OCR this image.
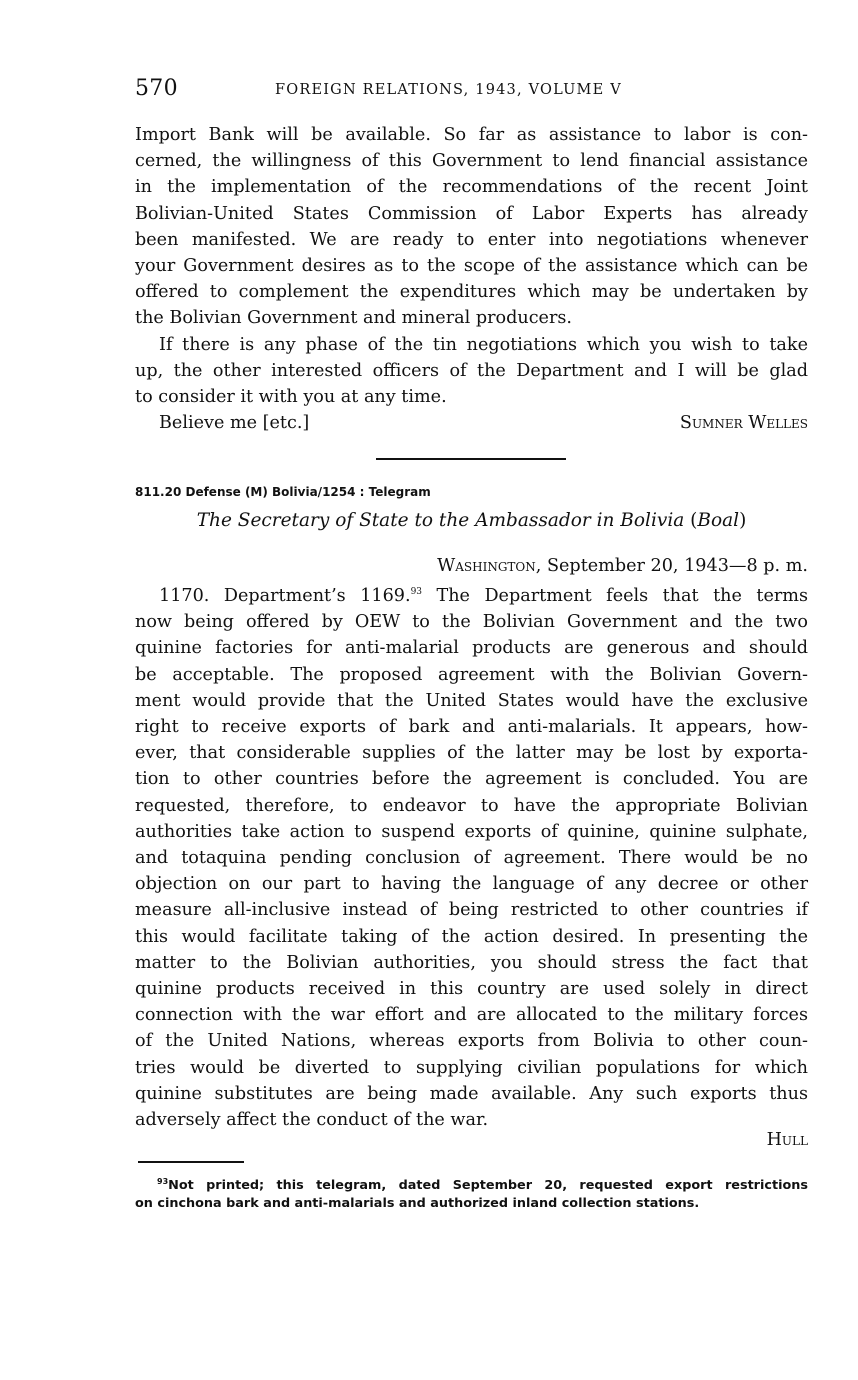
570	FOREIGN RELATIONS, 1943, VOLUME V
Import Bank will be available. So far as assistance to labor is con-
cerned, the willingness of this Government to lend financial assistance
in the implementation of the recommendations of the recent Joint
Bolivian-United States Commission of Labor Experts has already
been manifested. We are ready to enter into negotiations whenever
your Government desires as to the scope of the assistance which can be
offered to complement the expenditures which may be undertaken by
the Bolivian Government and mineral producers.
If there is any phase of the tin negotiations which you wish to take
up, the other interested officers of the Department and I will be glad
to consider it with you at any time.
Believe me [etc.]	Sumner Welles
811.20 Defense (M) Bolivia/1254 : Telegram
The Secretary of State to the Ambassador in Bolivia (Boal)
Washington, September 20, 1943—8 p. m.
1170. Department’s 1169.93 The Department feels that the terms
now being offered by OEW to the Bolivian Government and the two
quinine factories for anti-malarial products are generous and should
be acceptable. The proposed agreement with the Bolivian Govern-
ment would provide that the United States would have the exclusive
right to receive exports of bark and anti-malarials. It appears, how-
ever, that considerable supplies of the latter may be lost by exporta-
tion to other countries before the agreement is concluded. You are
requested, therefore, to endeavor to have the appropriate Bolivian
authorities take action to suspend exports of quinine, quinine sulphate,
and totaquina pending conclusion of agreement. There would be no
objection on our part to having the language of any decree or other
measure all-inclusive instead of being restricted to other countries if
this would facilitate taking of the action desired. In presenting the
matter to the Bolivian authorities, you should stress the fact that
quinine products received in this country are used solely in direct
connection with the war effort and are allocated to the military forces
of the United Nations, whereas exports from Bolivia to other coun-
tries would be diverted to supplying civilian populations for which
quinine substitutes are being made available. Any such exports thus
adversely affect the conduct of the war.
Hull
$^{93}$Not printed; this telegram, dated September 20, requested export restrictions
on cinchona bark and anti-malarials and authorized inland collection stations.
